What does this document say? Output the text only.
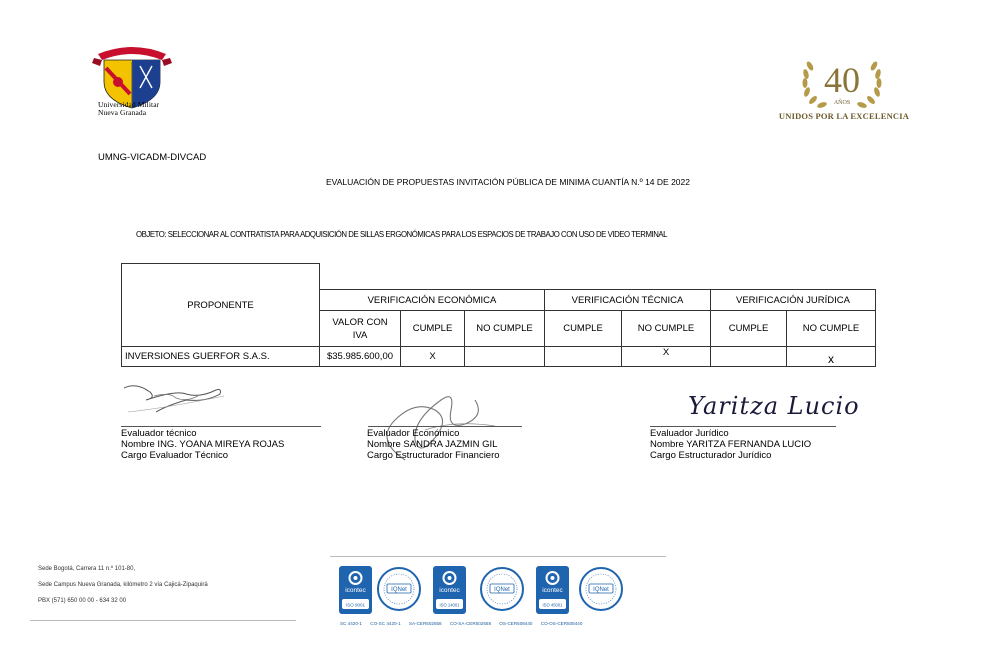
Universidad Militar
Nueva Granada
40
AÑOS
UNIDOS POR LA EXCELENCIA
UMNG-VICADM-DIVCAD
EVALUACIÓN DE PROPUESTAS INVITACIÓN PÚBLICA DE MINIMA CUANTÍA N.º 14 DE 2022
OBJETO: SELECCIONAR AL CONTRATISTA PARA ADQUISICIÓN DE SILLAS ERGONÓMICAS PARA LOS ESPACIOS DE TRABAJO CON USO DE VIDEO TERMINAL
PROPONENTE							
	VERIFICACIÓN ECONÓMICA			VERIFICACIÓN TÉCNICA		VERIFICACIÓN JURÍDICA	
	VALOR CON IVA	CUMPLE	NO CUMPLE	CUMPLE	NO CUMPLE	CUMPLE	NO CUMPLE
INVERSIONES GUERFOR S.A.S.	$35.985.600,00	X			X		x
Evaluador técnico
Nombre ING. YOANA MIREYA ROJAS
Cargo Evaluador Técnico
Evaluador Económico
Nombre SANDRA JAZMIN GIL
Cargo Estructurador Financiero
Yaritza Lucio
Evaluador Jurídico
Nombre YARITZA FERNANDA LUCIO
Cargo Estructurador Jurídico
Sede Bogotá, Carrera 11 n.º 101-80,
Sede Campus Nueva Granada, kilómetro 2 vía Cajicá-Zipaquirá
PBX (571) 650 00 00 - 634 32 00
icontec
ISO 9001
IQNet	icontec
ISO 14001
IQNet	icontec
ISO 45001
IQNet
SC 4420-1 CO-SC 4420-1 SA-CER502658 CO-SA-CER502658 OS-CER508440 CO-OS-CER508440
